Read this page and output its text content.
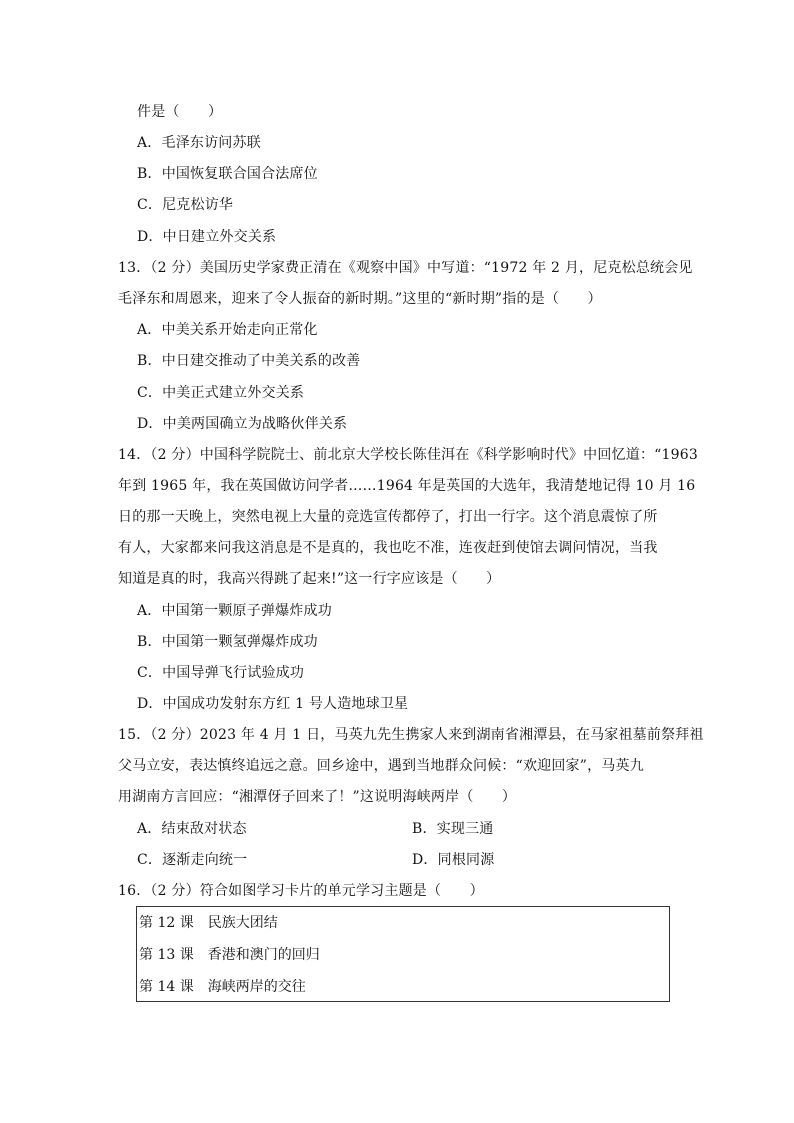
件是（　　）
A．毛泽东访问苏联
B．中国恢复联合国合法席位
C．尼克松访华
D．中日建立外交关系
13．（2 分）美国历史学家费正清在《观察中国》中写道：“1972 年 2 月，尼克松总统会见
毛泽东和周恩来，迎来了令人振奋的新时期。”这里的“新时期”指的是（　　）
A．中美关系开始走向正常化
B．中日建交推动了中美关系的改善
C．中美正式建立外交关系
D．中美两国确立为战略伙伴关系
14．（2 分）中国科学院院士、前北京大学校长陈佳洱在《科学影响时代》中回忆道：“1963
年到 1965 年，我在英国做访问学者……1964 年是英国的大选年，我清楚地记得 10 月 16
日的那一天晚上，突然电视上大量的竞选宣传都停了，打出一行字。这个消息震惊了所
有人，大家都来问我这消息是不是真的，我也吃不准，连夜赶到使馆去调问情况，当我
知道是真的时，我高兴得跳了起来!”这一行字应该是（　　）
A．中国第一颗原子弹爆炸成功
B．中国第一颗氢弹爆炸成功
C．中国导弹飞行试验成功
D．中国成功发射东方红 1 号人造地球卫星
15．（2 分）2023 年 4 月 1 日，马英九先生携家人来到湖南省湘潭县，在马家祖墓前祭拜祖
父马立安，表达慎终追远之意。回乡途中，遇到当地群众问候：“欢迎回家”，马英九
用湖南方言回应：“湘潭伢子回来了！”这说明海峡两岸（　　）
A．结束敌对状态	B．实现三通
C．逐渐走向统一	D．同根同源
16．（2 分）符合如图学习卡片的单元学习主题是（　　）
第 12 课　民族大团结
第 13 课　香港和澳门的回归
第 14 课　海峡两岸的交往
